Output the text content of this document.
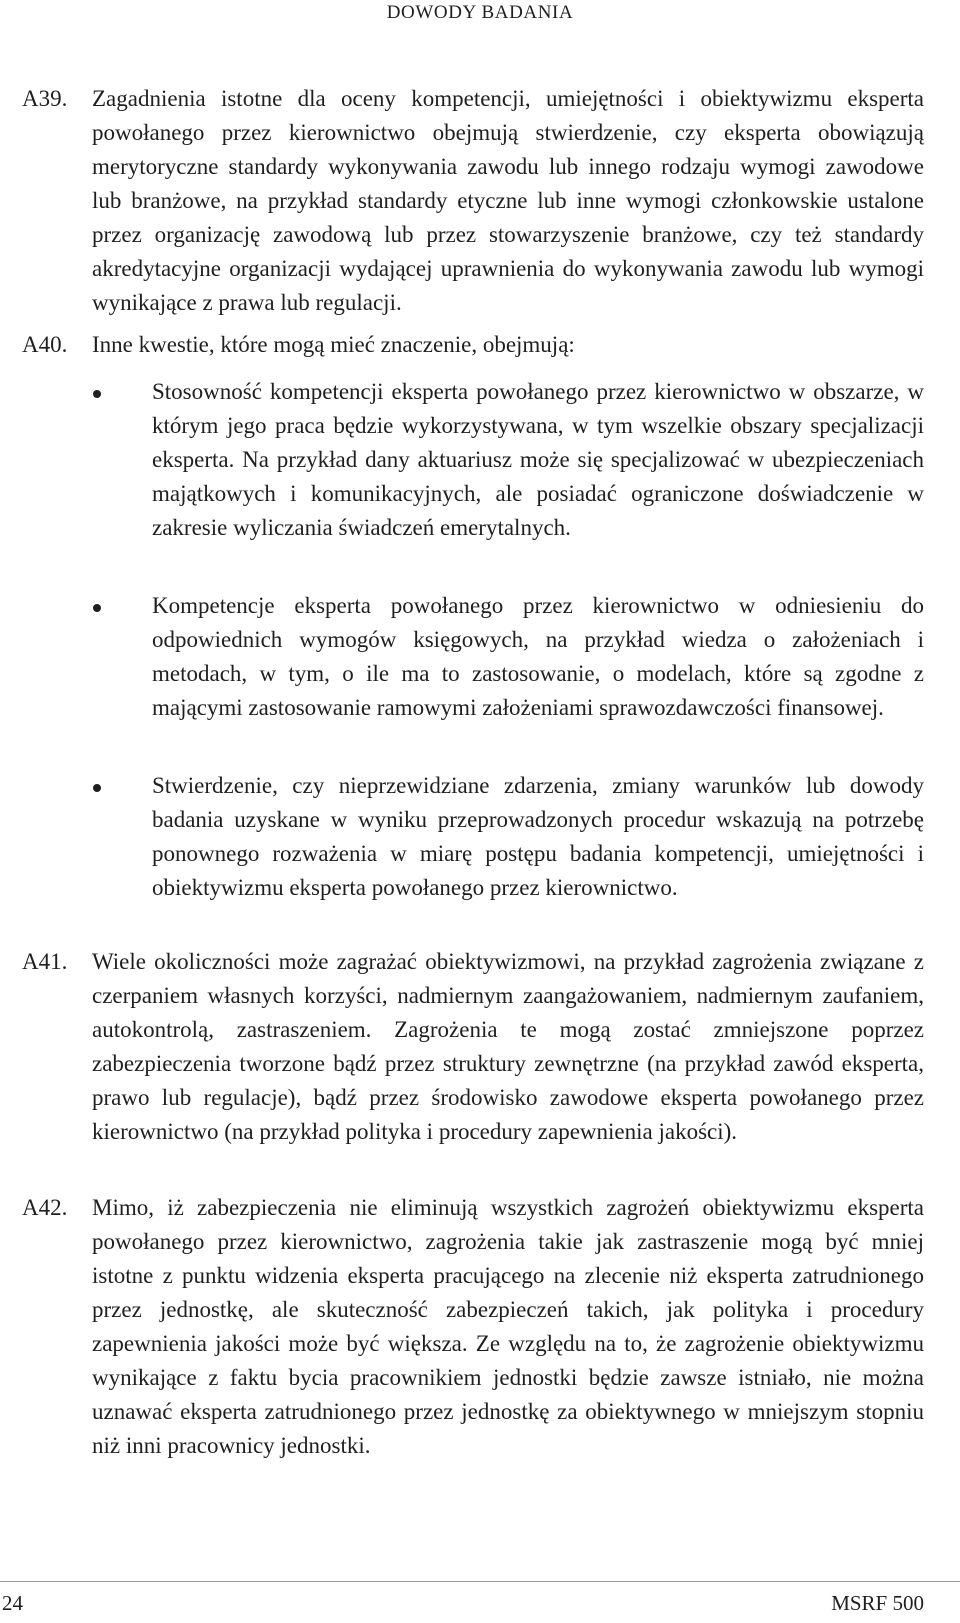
DOWODY BADANIA
A39. Zagadnienia istotne dla oceny kompetencji, umiejętności i obiektywizmu eksperta powołanego przez kierownictwo obejmują stwierdzenie, czy eksperta obowiązują merytoryczne standardy wykonywania zawodu lub innego rodzaju wymogi zawodowe lub branżowe, na przykład standardy etyczne lub inne wymogi członkowskie ustalone przez organizację zawodową lub przez stowarzyszenie branżowe, czy też standardy akredytacyjne organizacji wydającej uprawnienia do wykonywania zawodu lub wymogi wynikające z prawa lub regulacji.
A40. Inne kwestie, które mogą mieć znaczenie, obejmują:
Stosowność kompetencji eksperta powołanego przez kierownictwo w obszarze, w którym jego praca będzie wykorzystywana, w tym wszelkie obszary specjalizacji eksperta. Na przykład dany aktuariusz może się specjalizować w ubezpieczeniach majątkowych i komunikacyjnych, ale posiadać ograniczone doświadczenie w zakresie wyliczania świadczeń emerytalnych.
Kompetencje eksperta powołanego przez kierownictwo w odniesieniu do odpowiednich wymogów księgowych, na przykład wiedza o założeniach i metodach, w tym, o ile ma to zastosowanie, o modelach, które są zgodne z mającymi zastosowanie ramowymi założeniami sprawozdawczości finansowej.
Stwierdzenie, czy nieprzewidziane zdarzenia, zmiany warunków lub dowody badania uzyskane w wyniku przeprowadzonych procedur wskazują na potrzebę ponownego rozważenia w miarę postępu badania kompetencji, umiejętności i obiektywizmu eksperta powołanego przez kierownictwo.
A41. Wiele okoliczności może zagrażać obiektywizmowi, na przykład zagrożenia związane z czerpaniem własnych korzyści, nadmiernym zaangażowaniem, nadmiernym zaufaniem, autokontrolą, zastraszeniem. Zagrożenia te mogą zostać zmniejszone poprzez zabezpieczenia tworzone bądź przez struktury zewnętrzne (na przykład zawód eksperta, prawo lub regulacje), bądź przez środowisko zawodowe eksperta powołanego przez kierownictwo (na przykład polityka i procedury zapewnienia jakości).
A42. Mimo, iż zabezpieczenia nie eliminują wszystkich zagrożeń obiektywizmu eksperta powołanego przez kierownictwo, zagrożenia takie jak zastraszenie mogą być mniej istotne z punktu widzenia eksperta pracującego na zlecenie niż eksperta zatrudnionego przez jednostkę, ale skuteczność zabezpieczeń takich, jak polityka i procedury zapewnienia jakości może być większa. Ze względu na to, że zagrożenie obiektywizmu wynikające z faktu bycia pracownikiem jednostki będzie zawsze istniało, nie można uznawać eksperta zatrudnionego przez jednostkę za obiektywnego w mniejszym stopniu niż inni pracownicy jednostki.
24	MSRF 500
